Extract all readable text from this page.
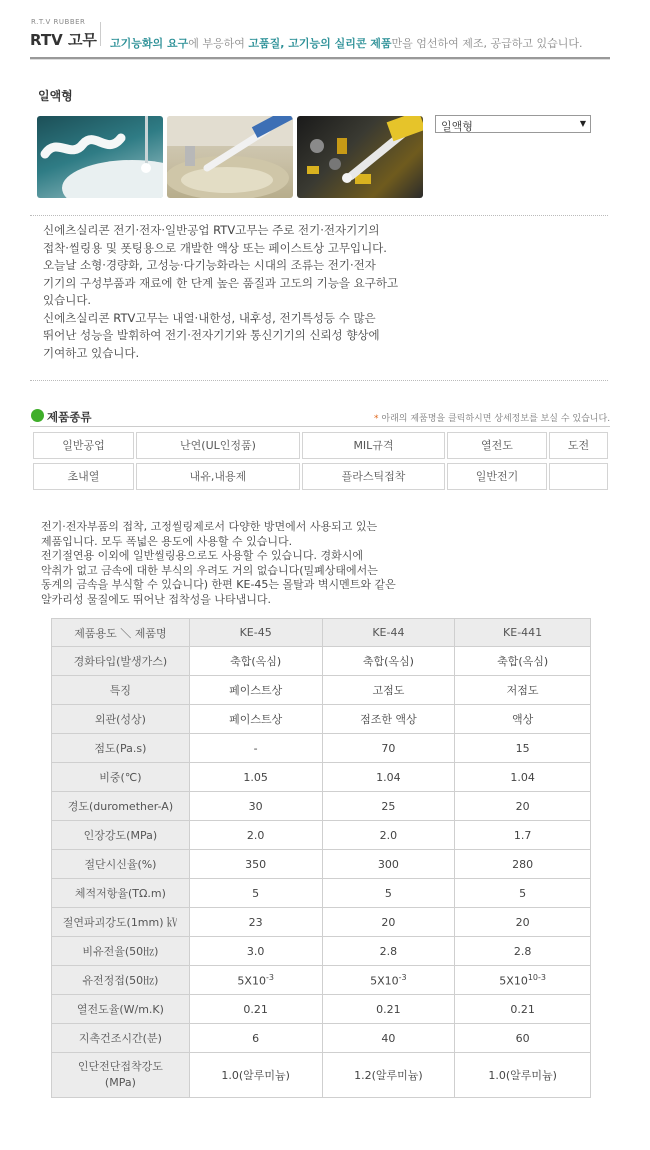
R.T.V RUBBER
RTV 고무 고기능화의 요구에 부응하여 고품질, 고기능의 실리콘 제품만을 엄선하여 제조, 공급하고 있습니다.
일액형
일액형	▼

신에츠실리콘 전기·전자·일반공업 RTV고무는 주로 전기·전자기기의

접착·씰링용 및 폿팅용으로 개발한 액상 또는 페이스트상 고무입니다.

오늘날 소형·경량화, 고성능·다기능화라는 시대의 조류는 전기·전자

기기의 구성부품과 재료에 한 단계 높은 품질과 고도의 기능을 요구하고

있습니다.

신에츠실리콘 RTV고무는 내열·내한성, 내후성, 전기특성등 수 많은

뛰어난 성능을 발휘하여 전기·전자기기와 통신기기의 신뢰성 향상에

기여하고 있습니다.

제품종류	* 아래의 제품명을 클릭하시면 상세정보를 보실 수 있습니다.
일반공업	난연(UL인정품)	MIL규격	열전도	도전
초내열	내유,내용제	플라스틱접착	일반전기

전기·전자부품의 접착, 고정씰링제로서 다양한 방면에서 사용되고 있는

제품입니다. 모두 폭넓은 용도에 사용할 수 있습니다.

전기절연용 이외에 일반씰링용으로도 사용할 수 있습니다. 경화시에

악취가 없고 금속에 대한 부식의 우려도 거의 없습니다(밀폐상태에서는

동계의 금속을 부식할 수 있습니다) 한편 KE-45는 몰탈과 벽시멘트와 같은

알카리성 물질에도 뛰어난 접착성을 나타냅니다.

제품용도 ＼ 제품명	KE-45	KE-44	KE-441
경화타입(발생가스)	축합(옥심)	축합(옥심)	축합(옥심)
특징	페이스트상	고점도	저점도
외관(성상)	페이스트상	점조한 액상	액상
점도(Pa.s)	-	70	15
비중(℃)	1.05	1.04	1.04
경도(duromether-A)	30	25	20
인장강도(MPa)	2.0	2.0	1.7
절단시신율(%)	350	300	280
체적저항율(TΩ.m)	5	5	5
절연파괴강도(1mm) ㎸	23	20	20
비유전율(50㎐)	3.0	2.8	2.8
유전정접(50㎐)	$5X10^{-3}$	$5X10^{-3}$	5X10$^{10-3}$
열전도율(W/m.K)	0.21	0.21	0.21
지촉건조시간(분)	6	40	60
인단전단접착강도
(MPa)	1.0(알루미늄)	1.2(알루미늄)	1.0(알루미늄)
